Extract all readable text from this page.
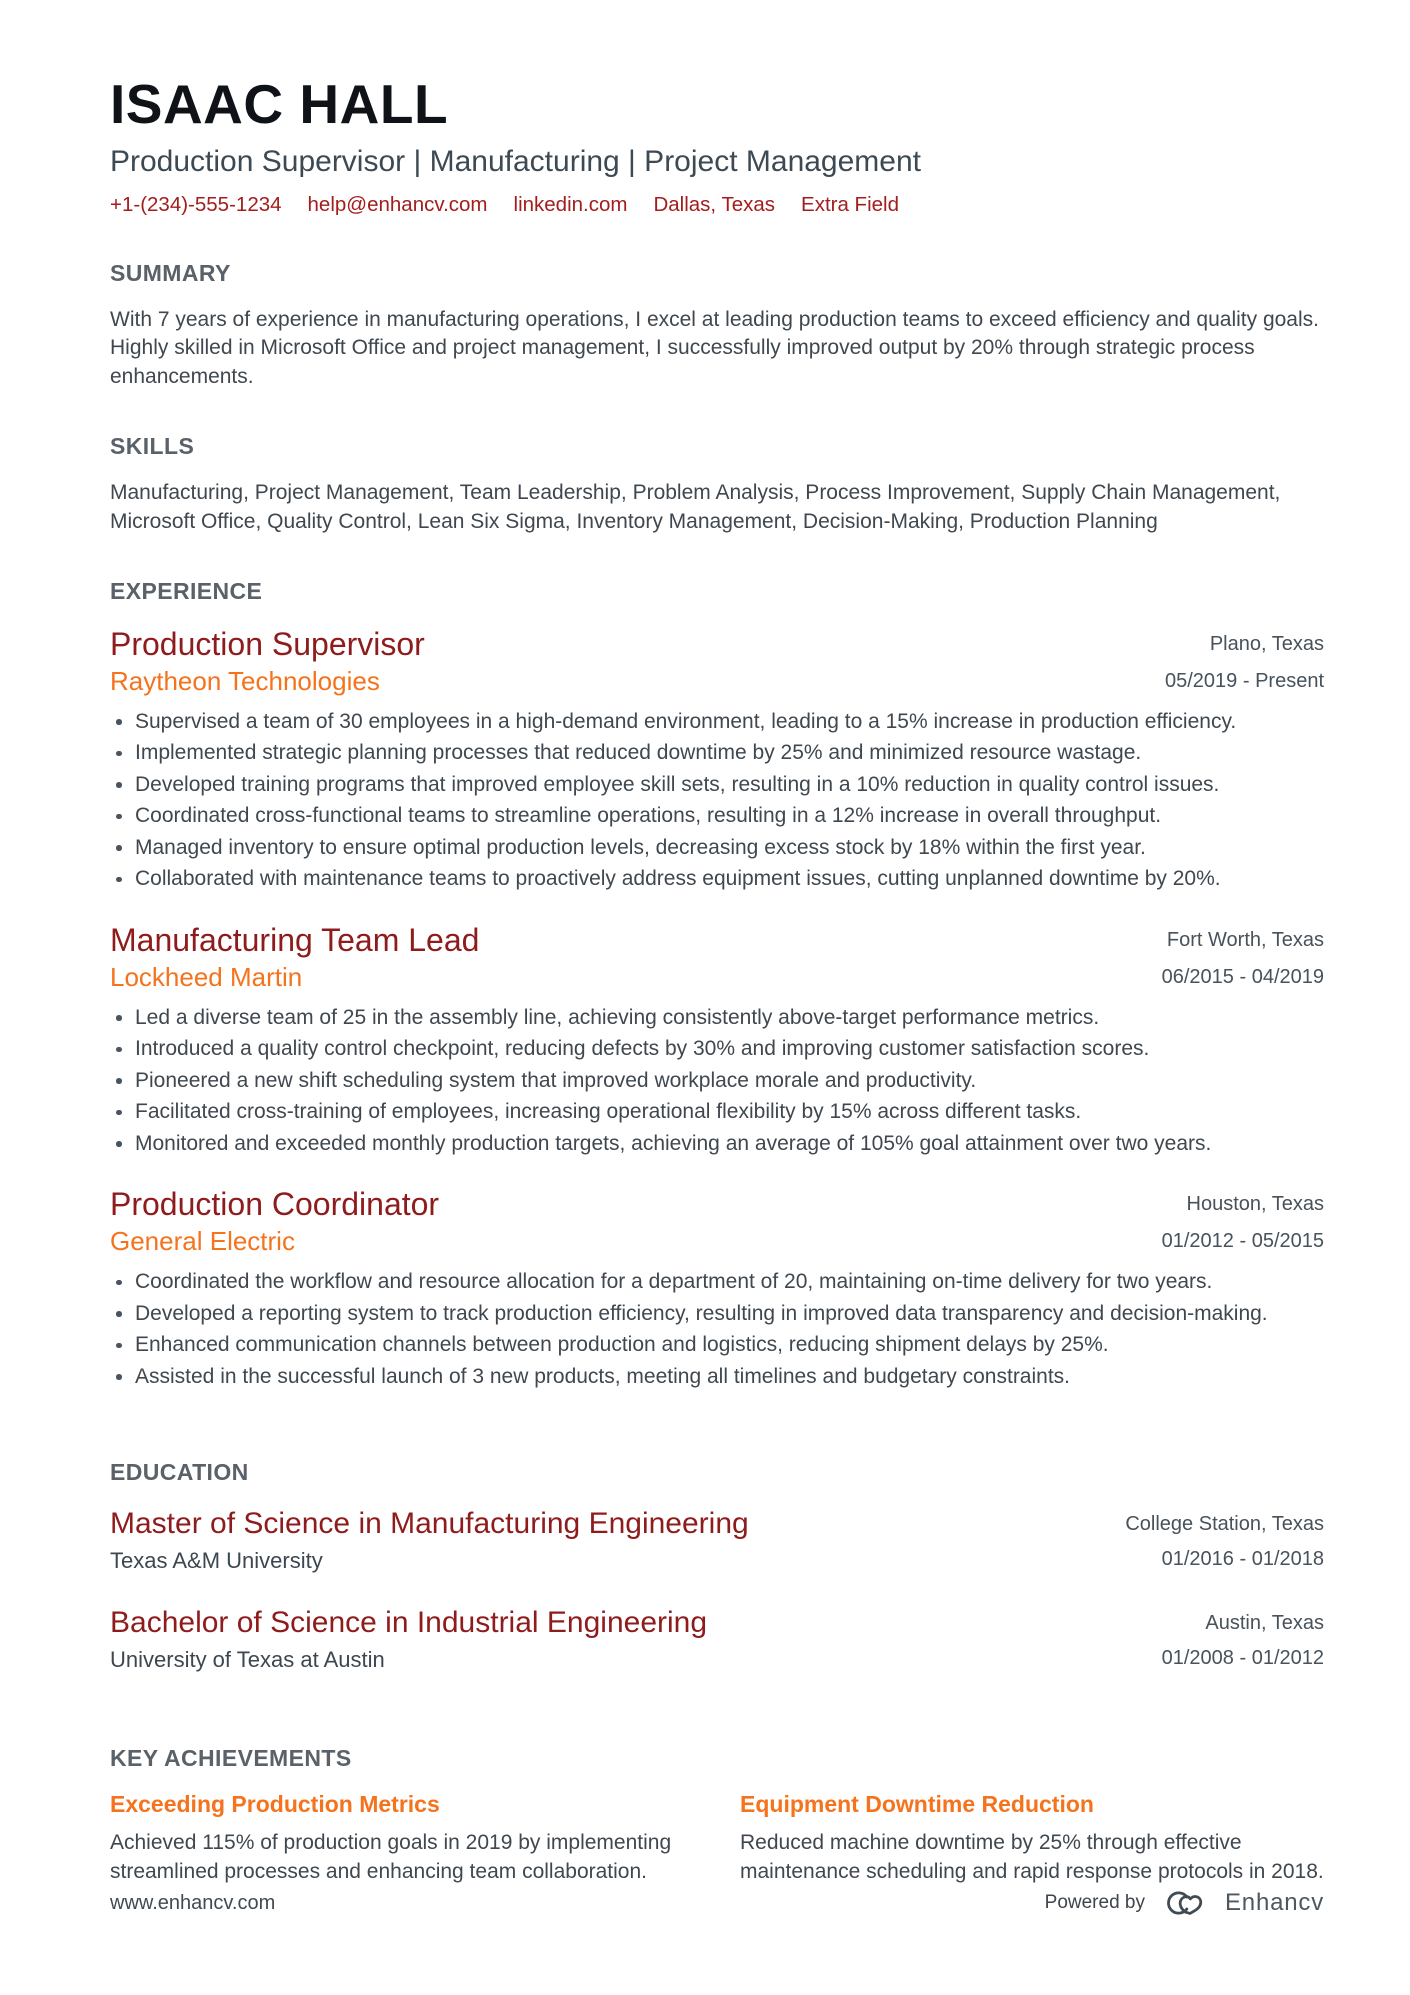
ISAAC HALL
Production Supervisor | Manufacturing | Project Management
+1-(234)-555-1234 help@enhancv.com linkedin.com Dallas, Texas Extra Field
SUMMARY

With 7 years of experience in manufacturing operations, I excel at leading production teams to exceed efficiency and quality goals. Highly skilled in Microsoft Office and project management, I successfully improved output by 20% through strategic process enhancements.

SKILLS

Manufacturing, Project Management, Team Leadership, Problem Analysis, Process Improvement, Supply Chain Management, Microsoft Office, Quality Control, Lean Six Sigma, Inventory Management, Decision-Making, Production Planning

EXPERIENCE
Production Supervisor	Plano, Texas
Raytheon Technologies	05/2019 - Present
Supervised a team of 30 employees in a high-demand environment, leading to a 15% increase in production efficiency.
Implemented strategic planning processes that reduced downtime by 25% and minimized resource wastage.
Developed training programs that improved employee skill sets, resulting in a 10% reduction in quality control issues.
Coordinated cross-functional teams to streamline operations, resulting in a 12% increase in overall throughput.
Managed inventory to ensure optimal production levels, decreasing excess stock by 18% within the first year.
Collaborated with maintenance teams to proactively address equipment issues, cutting unplanned downtime by 20%.
Manufacturing Team Lead	Fort Worth, Texas
Lockheed Martin	06/2015 - 04/2019
Led a diverse team of 25 in the assembly line, achieving consistently above-target performance metrics.
Introduced a quality control checkpoint, reducing defects by 30% and improving customer satisfaction scores.
Pioneered a new shift scheduling system that improved workplace morale and productivity.
Facilitated cross-training of employees, increasing operational flexibility by 15% across different tasks.
Monitored and exceeded monthly production targets, achieving an average of 105% goal attainment over two years.
Production Coordinator	Houston, Texas
General Electric	01/2012 - 05/2015
Coordinated the workflow and resource allocation for a department of 20, maintaining on-time delivery for two years.
Developed a reporting system to track production efficiency, resulting in improved data transparency and decision-making.
Enhanced communication channels between production and logistics, reducing shipment delays by 25%.
Assisted in the successful launch of 3 new products, meeting all timelines and budgetary constraints.
EDUCATION
Master of Science in Manufacturing Engineering	College Station, Texas
Texas A&M University	01/2016 - 01/2018
Bachelor of Science in Industrial Engineering	Austin, Texas
University of Texas at Austin	01/2008 - 01/2012
KEY ACHIEVEMENTS
Exceeding Production Metrics

Achieved 115% of production goals in 2019 by implementing streamlined processes and enhancing team collaboration.

Equipment Downtime Reduction

Reduced machine downtime by 25% through effective maintenance scheduling and rapid response protocols in 2018.

www.enhancv.com	Powered by	Enhancv
